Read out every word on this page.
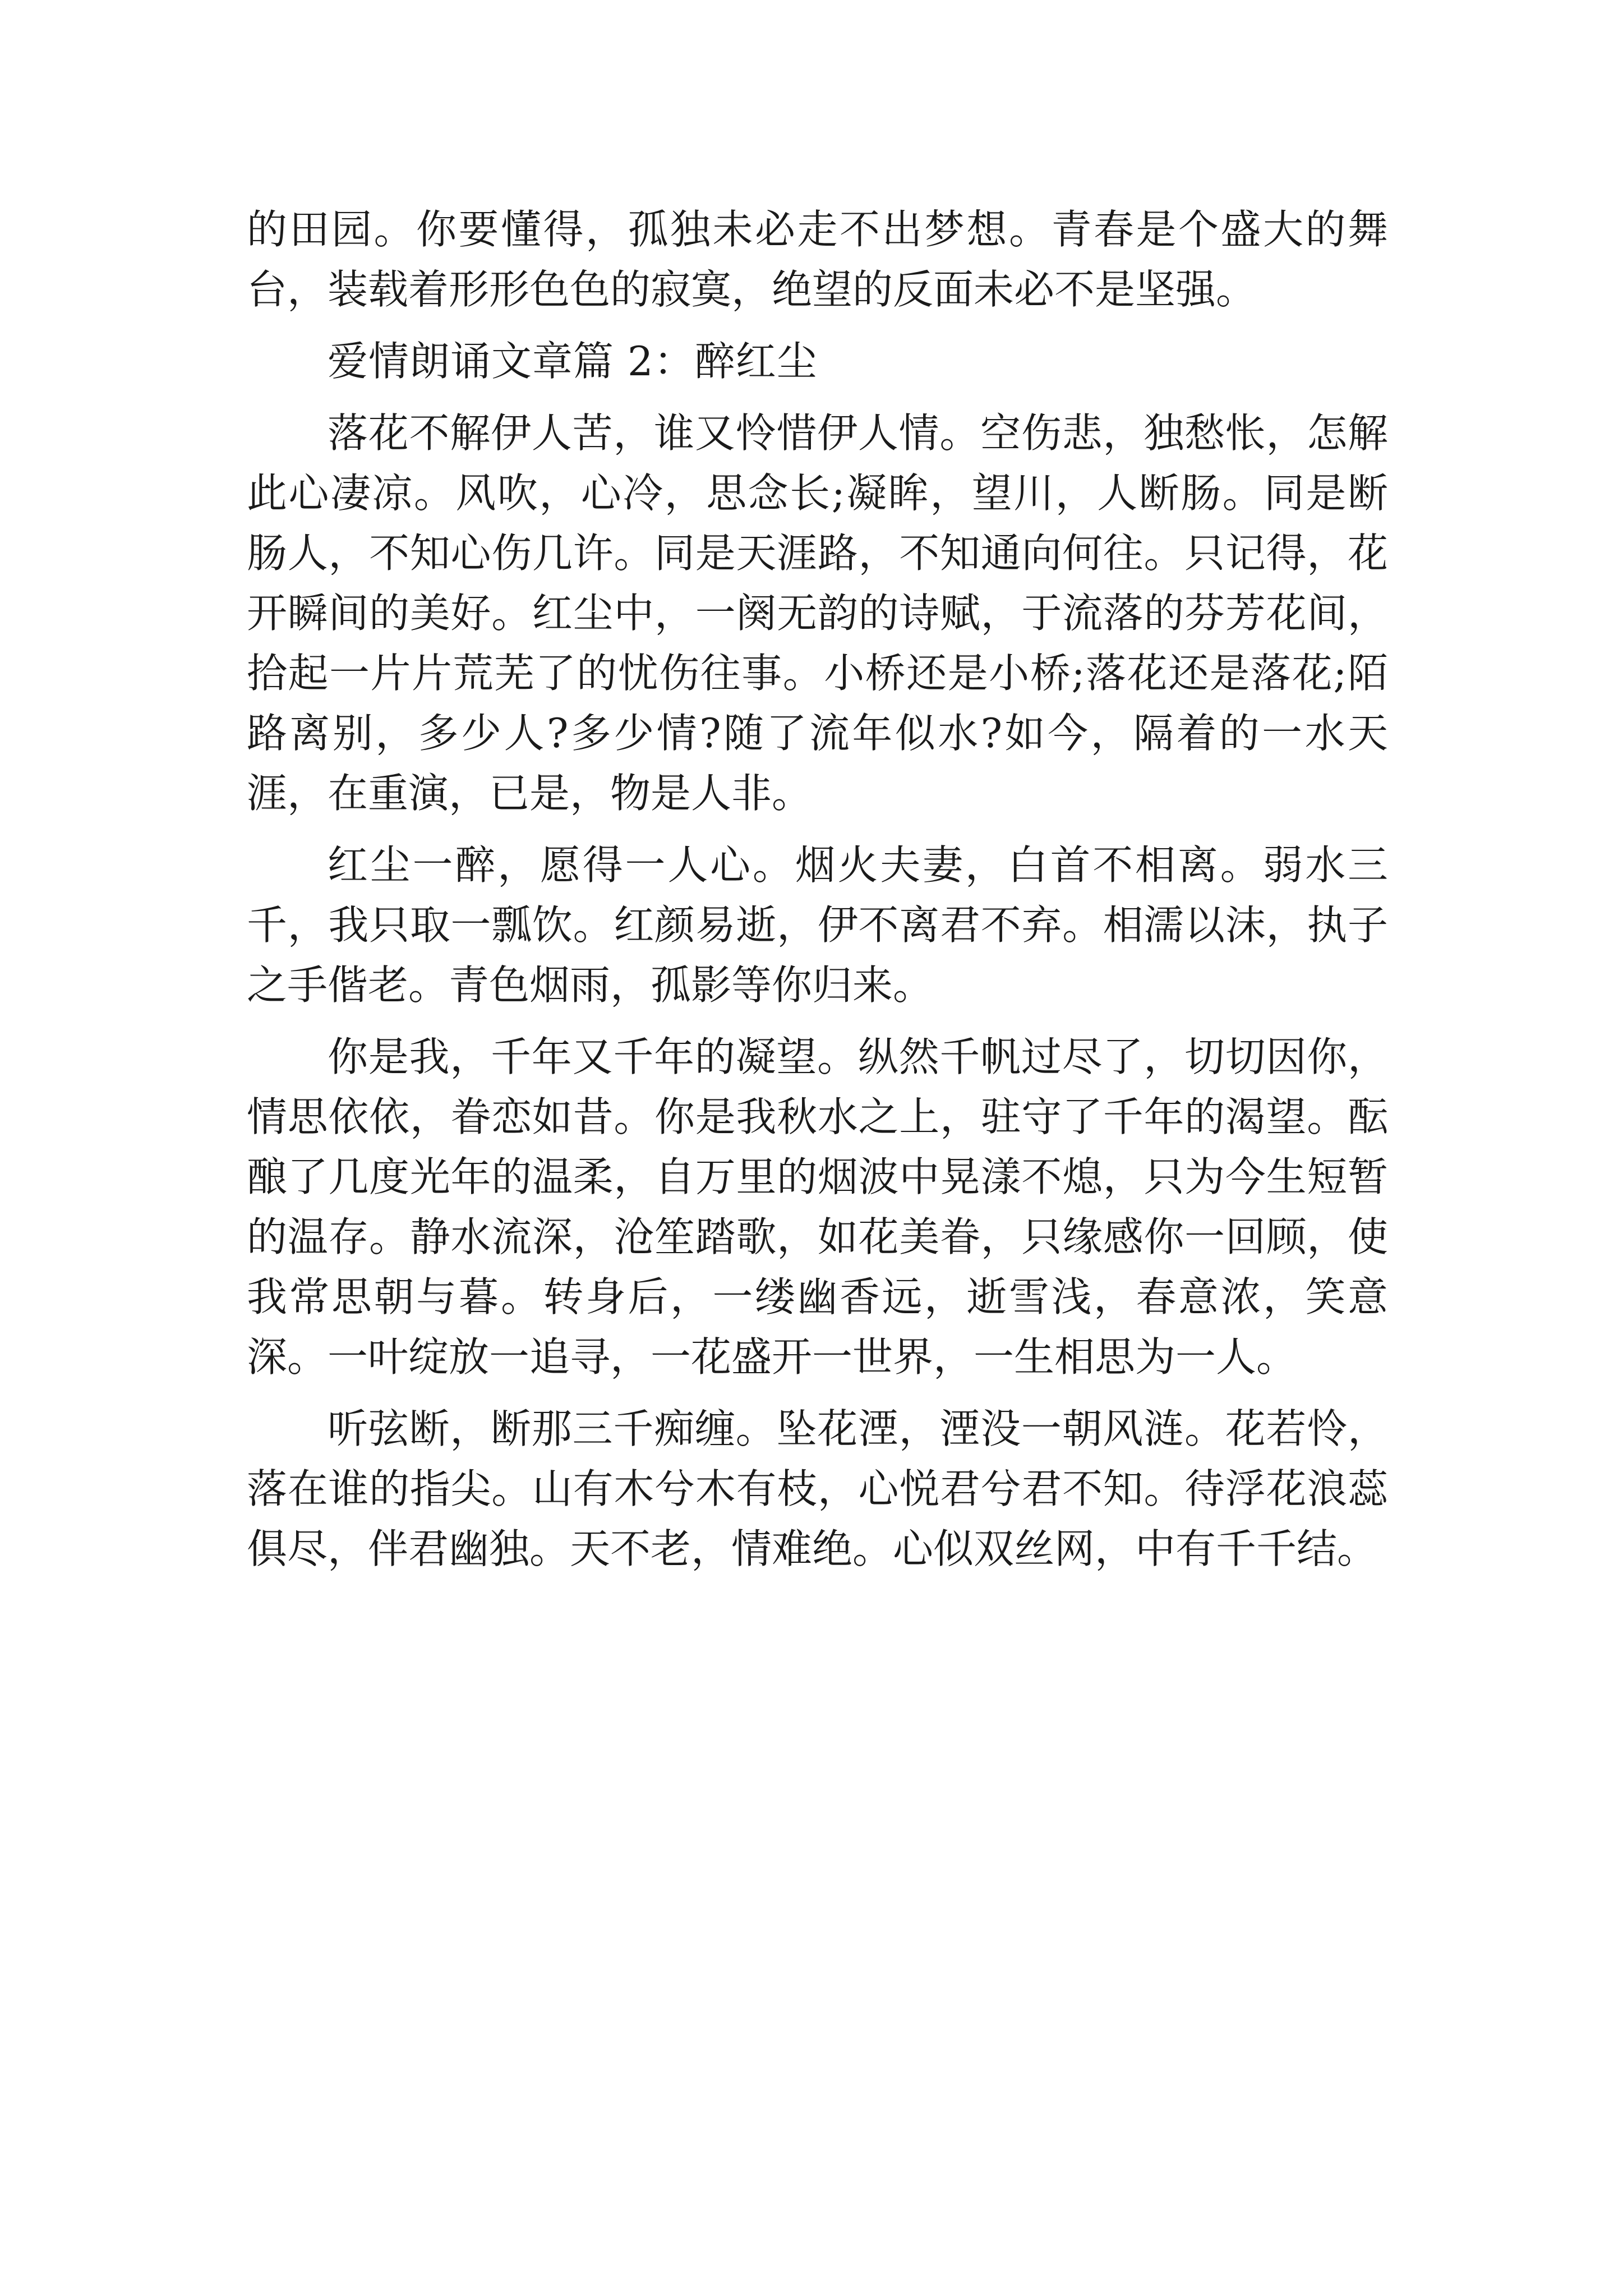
的田园。你要懂得，孤独未必走不出梦想。青春是个盛大的舞台，装载着形形色色的寂寞，绝望的反面未必不是坚强。

爱情朗诵文章篇 2：醉红尘

落花不解伊人苦，谁又怜惜伊人情。空伤悲，独愁怅，怎解此心凄凉。风吹，心冷，思念长;凝眸，望川，人断肠。同是断肠人，不知心伤几许。同是天涯路，不知通向何往。只记得，花开瞬间的美好。红尘中，一阕无韵的诗赋，于流落的芬芳花间，拾起一片片荒芜了的忧伤往事。小桥还是小桥;落花还是落花;陌路离别，多少人?多少情?随了流年似水?如今，隔着的一水天涯，在重演，已是，物是人非。

红尘一醉，愿得一人心。烟火夫妻，白首不相离。弱水三千，我只取一瓢饮。红颜易逝，伊不离君不弃。相濡以沫，执子之手偕老。青色烟雨，孤影等你归来。

你是我，千年又千年的凝望。纵然千帆过尽了，切切因你，情思依依，眷恋如昔。你是我秋水之上，驻守了千年的渴望。酝酿了几度光年的温柔，自万里的烟波中晃漾不熄，只为今生短暂的温存。静水流深，沧笙踏歌，如花美眷，只缘感你一回顾，使我常思朝与暮。转身后，一缕幽香远，逝雪浅，春意浓，笑意深。一叶绽放一追寻，一花盛开一世界，一生相思为一人。

听弦断，断那三千痴缠。坠花湮，湮没一朝风涟。花若怜，落在谁的指尖。山有木兮木有枝，心悦君兮君不知。待浮花浪蕊俱尽，伴君幽独。天不老，情难绝。心似双丝网，中有千千结。
